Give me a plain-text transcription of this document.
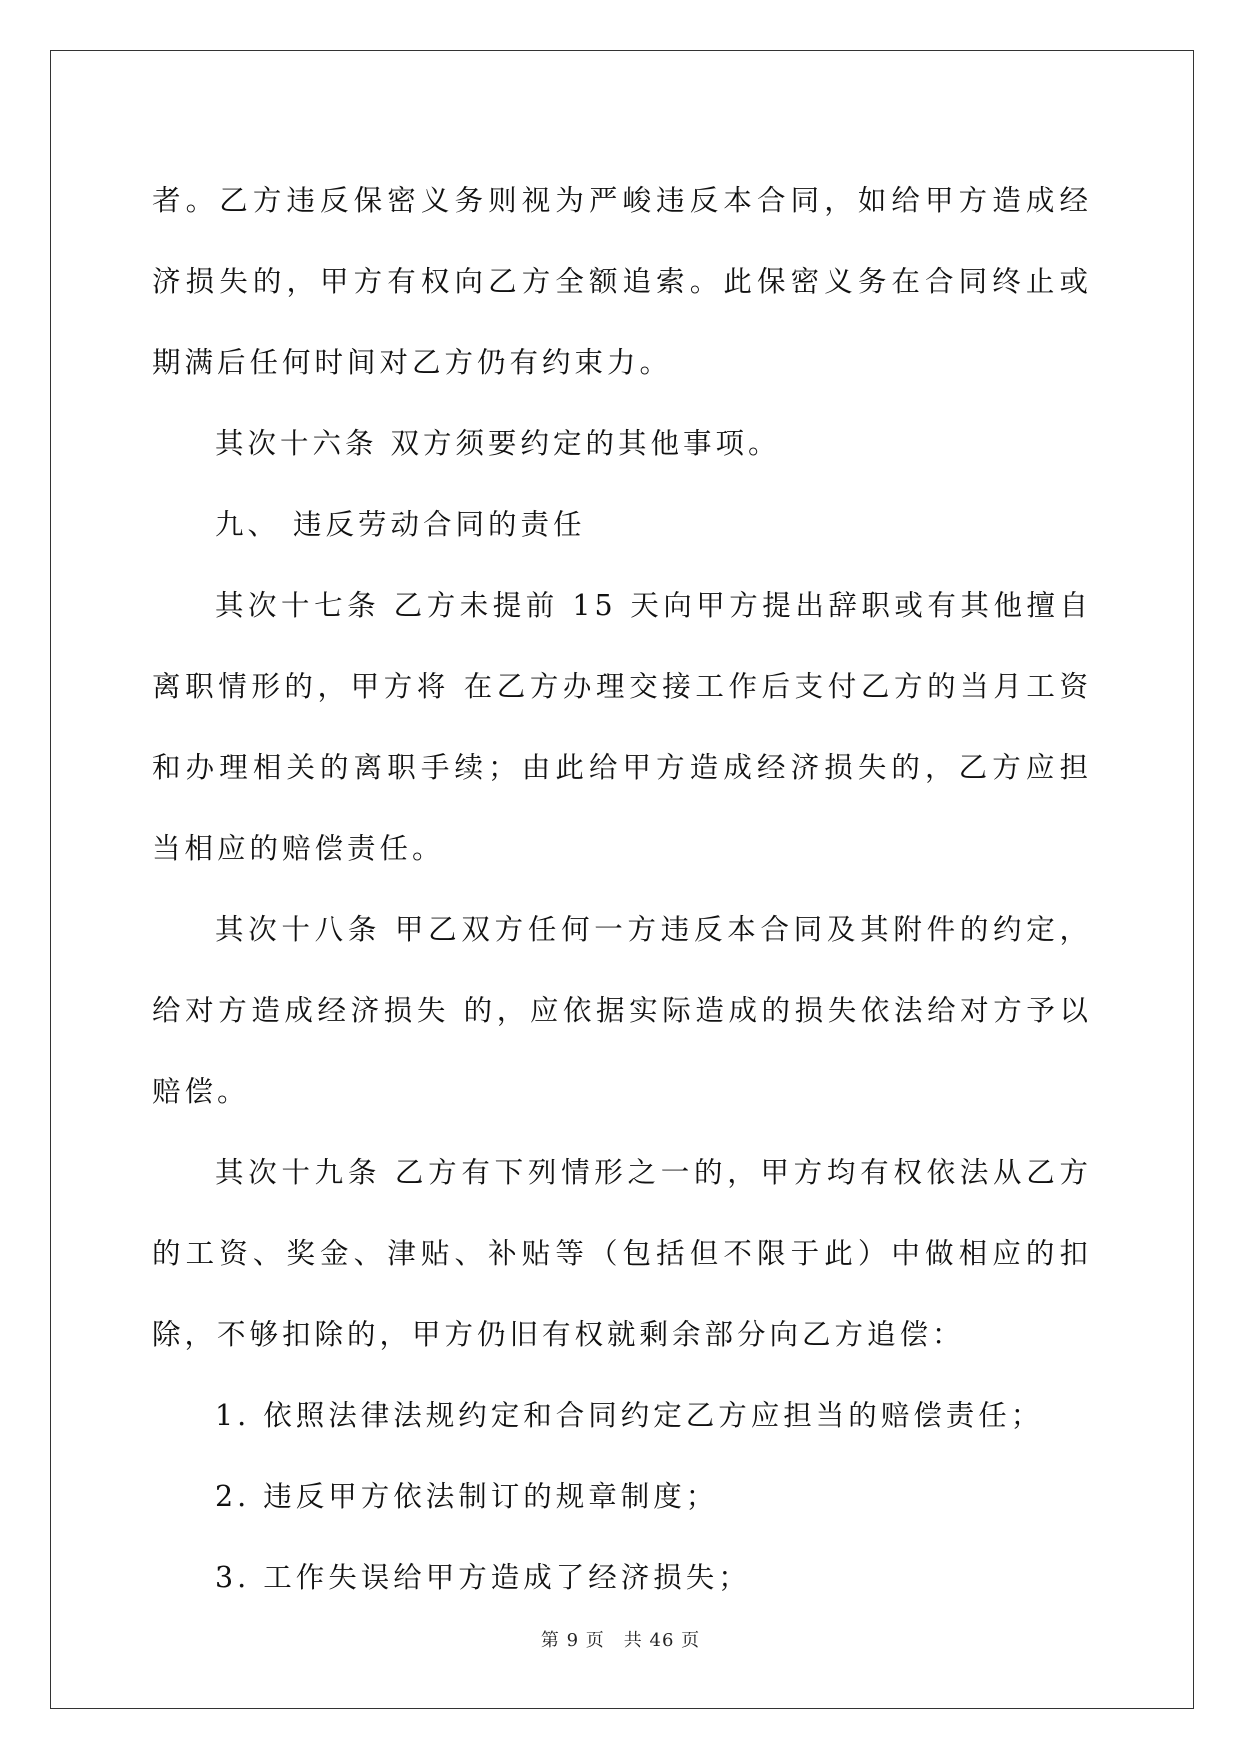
者。乙方违反保密义务则视为严峻违反本合同，如给甲方造成经济损失的，甲方有权向乙方全额追索。此保密义务在合同终止或期满后任何时间对乙方仍有约束力。

其次十六条 双方须要约定的其他事项。

九、 违反劳动合同的责任

其次十七条 乙方未提前 15 天向甲方提出辞职或有其他擅自离职情形的，甲方将 在乙方办理交接工作后支付乙方的当月工资和办理相关的离职手续；由此给甲方造成经济损失的，乙方应担当相应的赔偿责任。

其次十八条 甲乙双方任何一方违反本合同及其附件的约定，给对方造成经济损失 的，应依据实际造成的损失依法给对方予以赔偿。

其次十九条 乙方有下列情形之一的，甲方均有权依法从乙方的工资、奖金、津贴、补贴等（包括但不限于此）中做相应的扣除，不够扣除的，甲方仍旧有权就剩余部分向乙方追偿：

1. 依照法律法规约定和合同约定乙方应担当的赔偿责任；

2. 违反甲方依法制订的规章制度；

3. 工作失误给甲方造成了经济损失；

第 9 页　共 46 页
